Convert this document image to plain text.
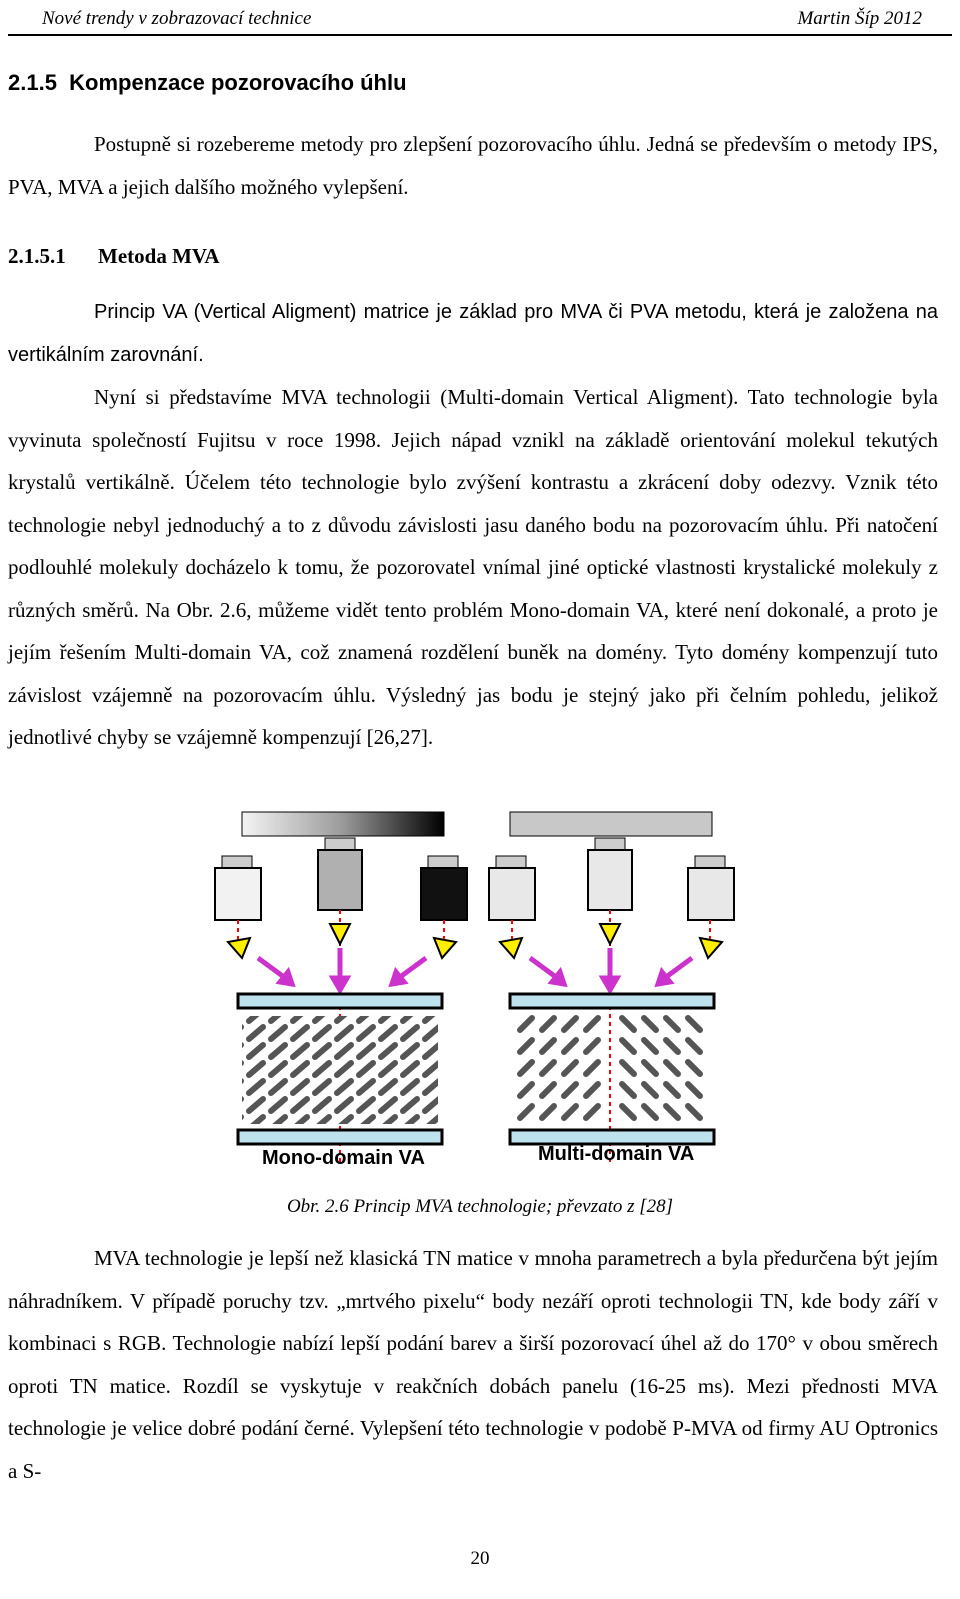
Nové trendy v zobrazovací technice	Martin Šíp 2012
2.1.5 Kompenzace pozorovacího úhlu
Postupně si rozebereme metody pro zlepšení pozorovacího úhlu. Jedná se především o metody IPS, PVA, MVA a jejich dalšího možného vylepšení.
2.1.5.1 Metoda MVA
Princip VA (Vertical Aligment) matrice je základ pro MVA či PVA metodu, která je založena na vertikálním zarovnání.
Nyní si představíme MVA technologii (Multi-domain Vertical Aligment). Tato technologie byla vyvinuta společností Fujitsu v roce 1998. Jejich nápad vznikl na základě orientování molekul tekutých krystalů vertikálně. Účelem této technologie bylo zvýšení kontrastu a zkrácení doby odezvy. Vznik této technologie nebyl jednoduchý a to z důvodu závislosti jasu daného bodu na pozorovacím úhlu. Při natočení podlouhlé molekuly docházelo k tomu, že pozorovatel vnímal jiné optické vlastnosti krystalické molekuly z různých směrů. Na Obr. 2.6, můžeme vidět tento problém Mono-domain VA, které není dokonalé, a proto je jejím řešením Multi-domain VA, což znamená rozdělení buněk na domény. Tyto domény kompenzují tuto závislost vzájemně na pozorovacím úhlu. Výsledný jas bodu je stejný jako při čelním pohledu, jelikož jednotlivé chyby se vzájemně kompenzují [26,27].
Mono-domain VA	Multi-domain VA
Obr. 2.6 Princip MVA technologie; převzato z [28]
MVA technologie je lepší než klasická TN matice v mnoha parametrech a byla předurčena být jejím náhradníkem. V případě poruchy tzv. „mrtvého pixelu“ body nezáří oproti technologii TN, kde body září v kombinaci s RGB. Technologie nabízí lepší podání barev a širší pozorovací úhel až do 170° v obou směrech oproti TN matice. Rozdíl se vyskytuje v reakčních dobách panelu (16-25 ms). Mezi přednosti MVA technologie je velice dobré podání černé. Vylepšení této technologie v podobě P-MVA od firmy AU Optronics a S-
20
